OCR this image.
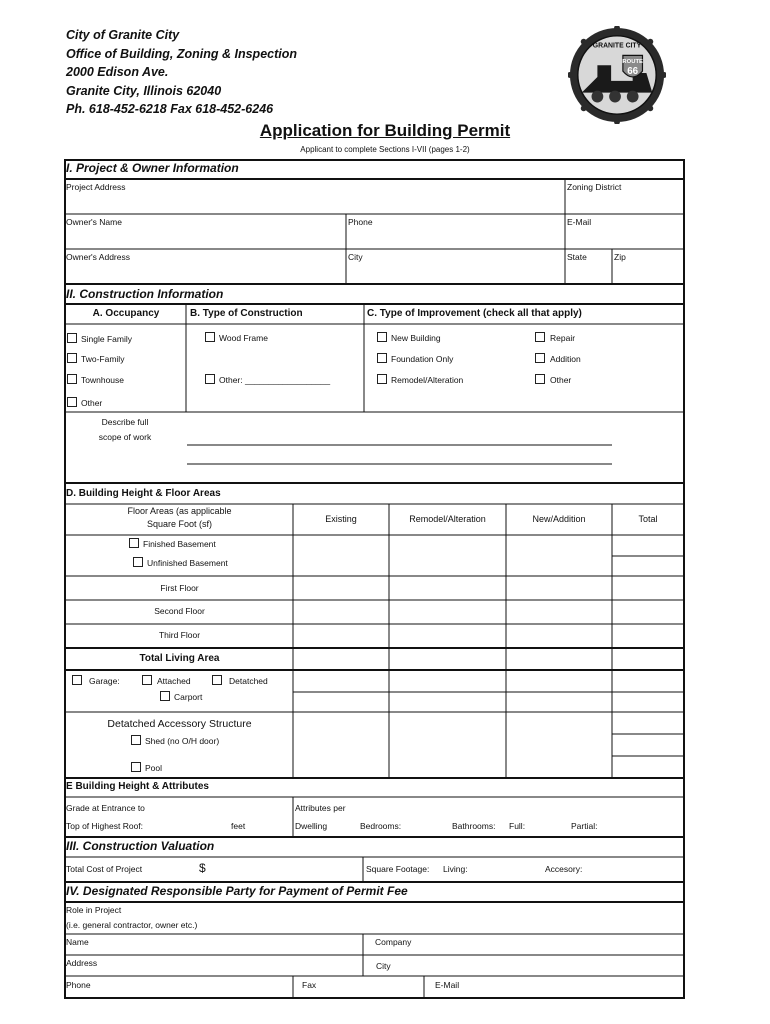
City of Granite City
Office of Building, Zoning & Inspection
2000 Edison Ave.
Granite City, Illinois 62040
Ph. 618-452-6218 Fax 618-452-6246
GRANITE CITY
ROUTE
66
Application for Building Permit
Applicant to complete Sections I-VII (pages 1-2)
I. Project & Owner Information
Project Address	Zoning District
Owner's Name	Phone	E-Mail
Owner's Address	City	State	Zip
II. Construction Information
A. Occupancy	B. Type of Construction	C. Type of Improvement (check all that apply)
Single Family
Two-Family
Townhouse
Other
Wood Frame
Other: __________________
New Building
Foundation Only
Remodel/Alteration
Repair
Addition
Other
Describe full
scope of work
D. Building Height & Floor Areas
Floor Areas (as applicable
Square Foot (sf)	Existing	Remodel/Alteration	New/Addition	Total
Finished Basement
Unfinished Basement
First Floor
Second Floor
Third Floor
Total Living Area
Garage:	Attached	Detatched
Carport
Detatched Accessory Structure
Shed (no O/H door)
Pool
E Building Height & Attributes
Grade at Entrance to
Top of Highest Roof:	feet
Attributes per
Dwelling	Bedrooms:	Bathrooms: Full:	Partial:
III. Construction Valuation
Total Cost of Project	$	Square Footage: Living:	Accesory:
IV. Designated Responsible Party for Payment of Permit Fee
Role in Project
(i.e. general contractor, owner etc.)
Name	Company
Address	City
Phone	Fax	E-Mail
